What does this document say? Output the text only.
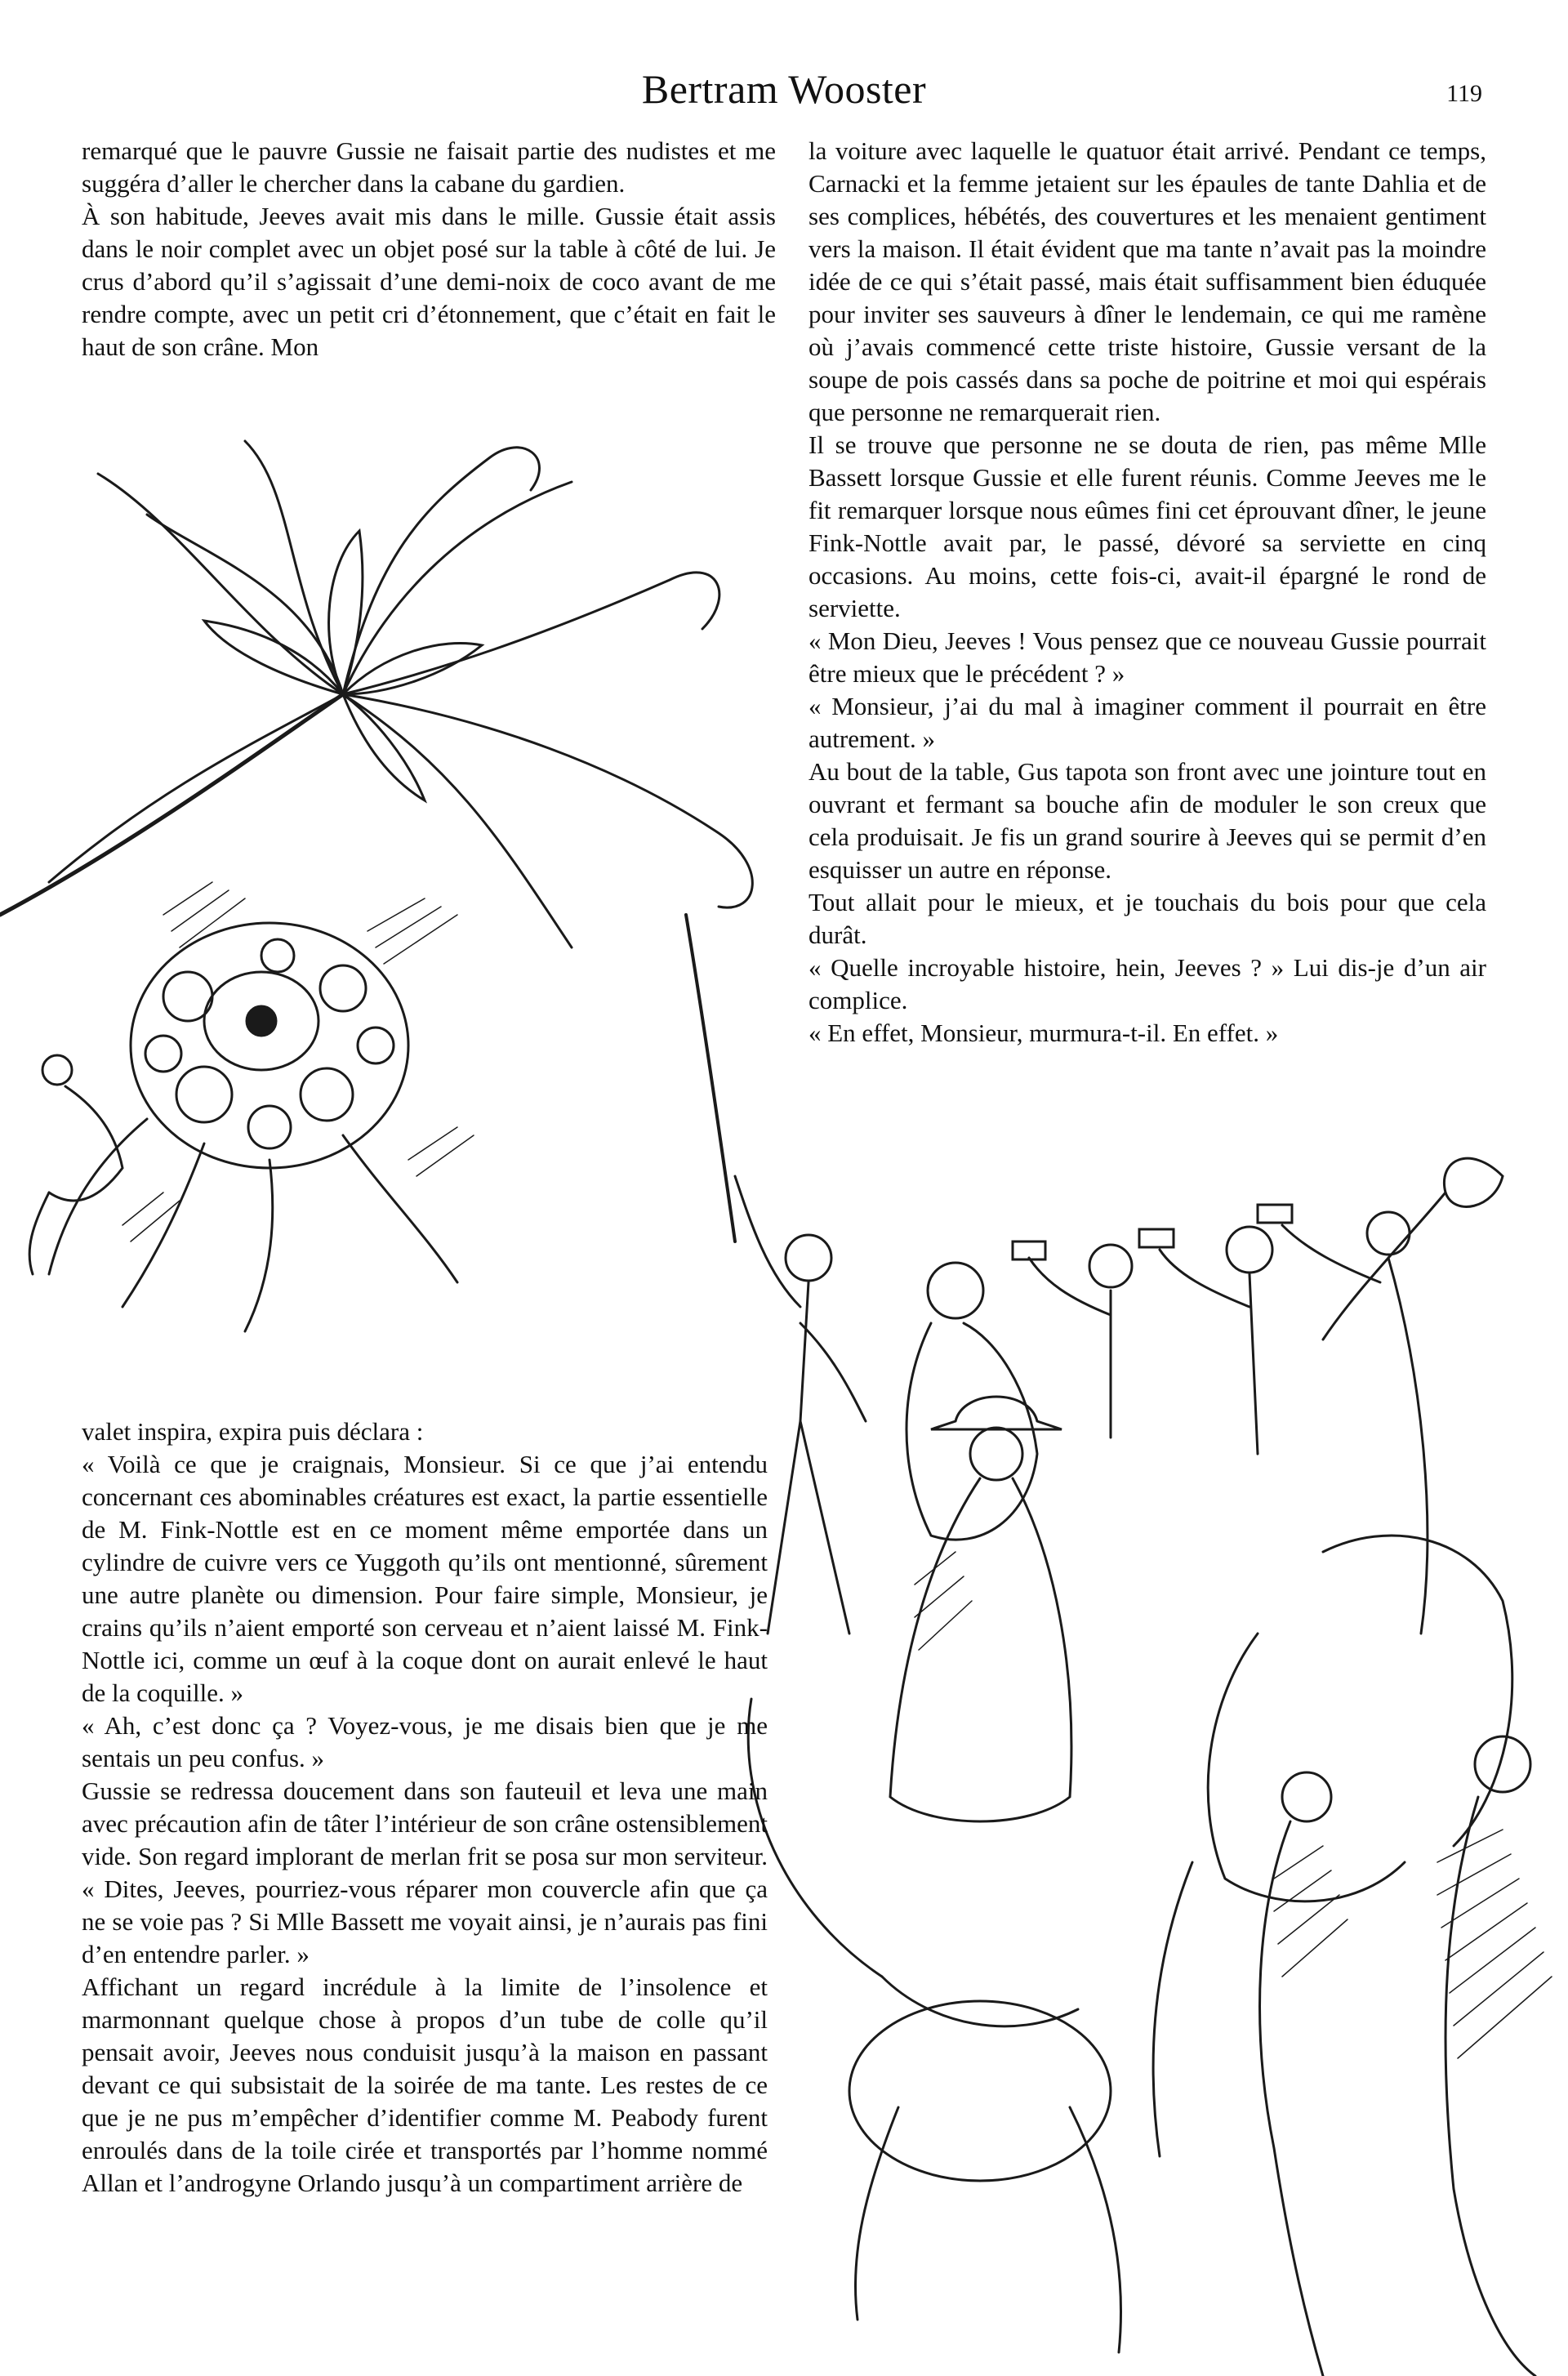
Bertram Wooster	119

remarqué que le pauvre Gussie ne faisait partie des nudistes et me suggéra d’aller le chercher dans la cabane du gardien.

À son habitude, Jeeves avait mis dans le mille. Gussie était assis dans le noir complet avec un objet posé sur la table à côté de lui. Je crus d’abord qu’il s’agissait d’une demi-noix de coco avant de me rendre compte, avec un petit cri d’étonnement, que c’était en fait le haut de son crâne. Mon

la voiture avec laquelle le quatuor était arrivé. Pendant ce temps, Carnacki et la femme jetaient sur les épaules de tante Dahlia et de ses complices, hébétés, des couvertures et les menaient gentiment vers la maison. Il était évident que ma tante n’avait pas la moindre idée de ce qui s’était passé, mais était suffisamment bien éduquée pour inviter ses sauveurs à dîner le lendemain, ce qui me ramène où j’avais commencé cette triste histoire, Gussie versant de la soupe de pois cassés dans sa poche de poitrine et moi qui espérais que personne ne remarquerait rien.

Il se trouve que personne ne se douta de rien, pas même Mlle Bassett lorsque Gussie et elle furent réunis. Comme Jeeves me le fit remarquer lorsque nous eûmes fini cet éprouvant dîner, le jeune Fink-Nottle avait par, le passé, dévoré sa serviette en cinq occasions. Au moins, cette fois-ci, avait-il épargné le rond de serviette.

« Mon Dieu, Jeeves ! Vous pensez que ce nouveau Gussie pourrait être mieux que le précédent ? »

« Monsieur, j’ai du mal à imaginer comment il pourrait en être autrement. »

Au bout de la table, Gus tapota son front avec une jointure tout en ouvrant et fermant sa bouche afin de moduler le son creux que cela produisait. Je fis un grand sourire à Jeeves qui se permit d’en esquisser un autre en réponse.

Tout allait pour le mieux, et je touchais du bois pour que cela durât.

« Quelle incroyable histoire, hein, Jeeves ? » Lui dis-je d’un air complice.

« En effet, Monsieur, murmura-t-il. En effet. »

valet inspira, expira puis déclara :

« Voilà ce que je craignais, Monsieur. Si ce que j’ai entendu concernant ces abominables créatures est exact, la partie essentielle de M. Fink-Nottle est en ce moment même emportée dans un cylindre de cuivre vers ce Yuggoth qu’ils ont mentionné, sûrement une autre planète ou dimension. Pour faire simple, Monsieur, je crains qu’ils n’aient emporté son cerveau et n’aient laissé M. Fink-Nottle ici, comme un œuf à la coque dont on aurait enlevé le haut de la coquille. »

« Ah, c’est donc ça ? Voyez-vous, je me disais bien que je me sentais un peu confus. »

Gussie se redressa doucement dans son fauteuil et leva une main avec précaution afin de tâter l’intérieur de son crâne ostensiblement vide. Son regard implorant de merlan frit se posa sur mon serviteur. « Dites, Jeeves, pourriez-vous réparer mon couvercle afin que ça ne se voie pas ? Si Mlle Bassett me voyait ainsi, je n’aurais pas fini d’en entendre parler. »

Affichant un regard incrédule à la limite de l’insolence et marmonnant quelque chose à propos d’un tube de colle qu’il pensait avoir, Jeeves nous conduisit jusqu’à la maison en passant devant ce qui subsistait de la soirée de ma tante. Les restes de ce que je ne pus m’empêcher d’identifier comme M. Peabody furent enroulés dans de la toile cirée et transportés par l’homme nommé Allan et l’androgyne Orlando jusqu’à un compartiment arrière de
